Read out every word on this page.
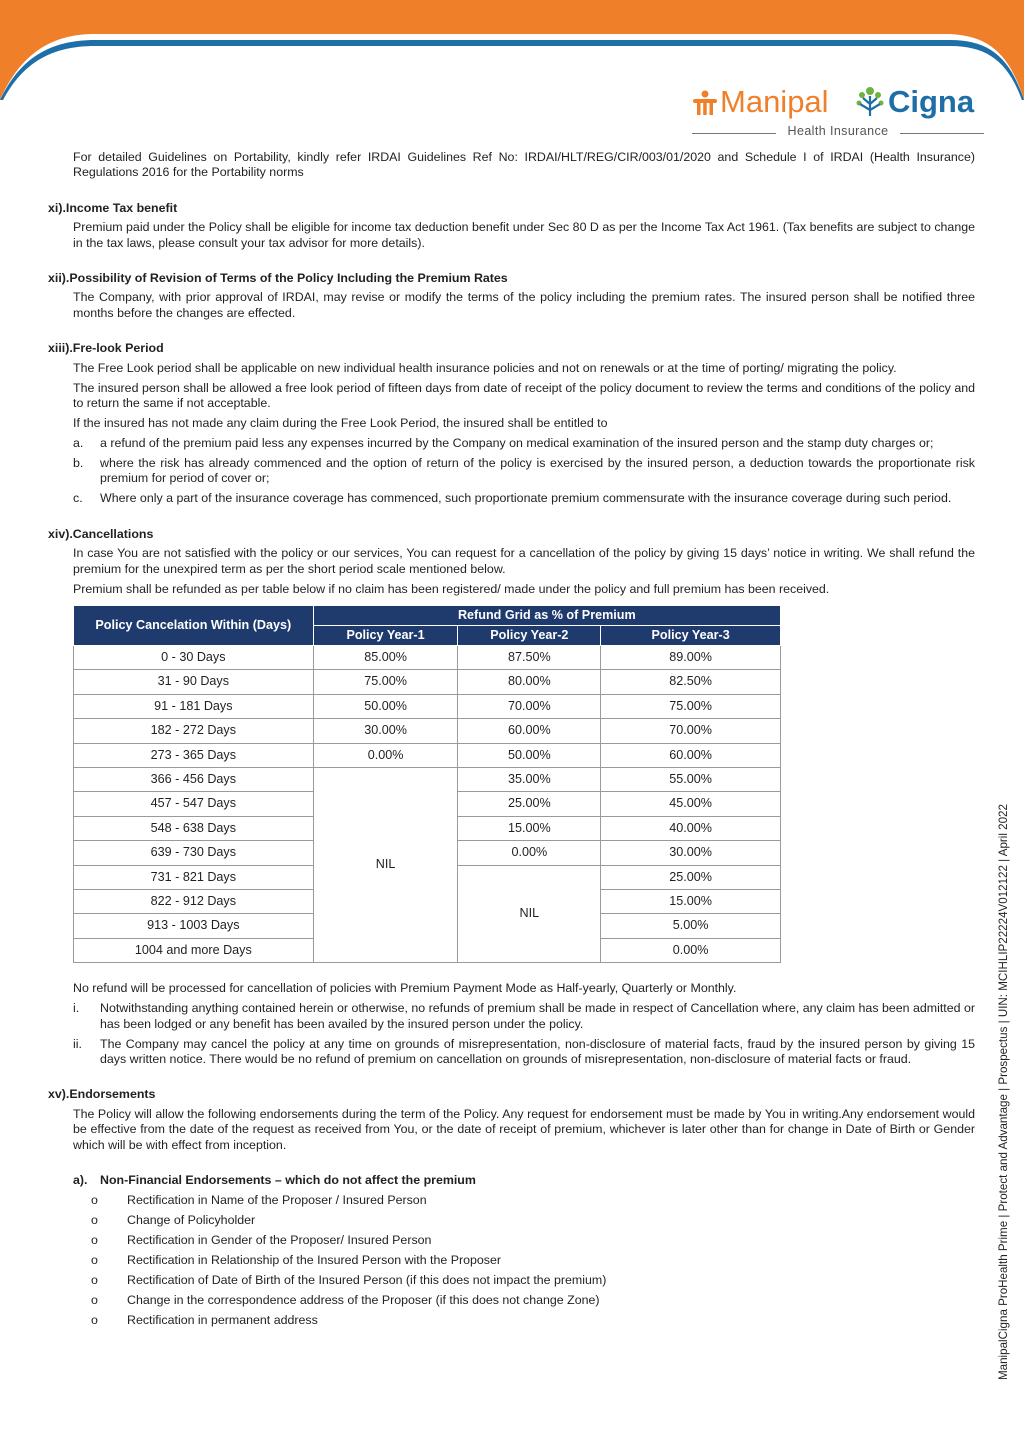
Manipal Cigna
Health Insurance

For detailed Guidelines on Portability, kindly refer IRDAI Guidelines Ref No: IRDAI/HLT/REG/CIR/003/01/2020 and Schedule I of IRDAI (Health Insurance) Regulations 2016 for the Portability norms

xi). Income Tax benefit

Premium paid under the Policy shall be eligible for income tax deduction benefit under Sec 80 D as per the Income Tax Act 1961. (Tax benefits are subject to change in the tax laws, please consult your tax advisor for more details).

xii). Possibility of Revision of Terms of the Policy Including the Premium Rates

The Company, with prior approval of IRDAI, may revise or modify the terms of the policy including the premium rates. The insured person shall be notified three months before the changes are effected.

xiii). Fre-look Period

The Free Look period shall be applicable on new individual health insurance policies and not on renewals or at the time of porting/ migrating the policy.

The insured person shall be allowed a free look period of fifteen days from date of receipt of the policy document to review the terms and conditions of the policy and to return the same if not acceptable.

If the insured has not made any claim during the Free Look Period, the insured shall be entitled to

a.	a refund of the premium paid less any expenses incurred by the Company on medical examination of the insured person and the stamp duty charges or;
b.	where the risk has already commenced and the option of return of the policy is exercised by the insured person, a deduction towards the proportionate risk premium for period of cover or;
c.	Where only a part of the insurance coverage has commenced, such proportionate premium commensurate with the insurance coverage during such period.
xiv). Cancellations

In case You are not satisfied with the policy or our services, You can request for a cancellation of the policy by giving 15 days’ notice in writing. We shall refund the premium for the unexpired term as per the short period scale mentioned below.

Premium shall be refunded as per table below if no claim has been registered/ made under the policy and full premium has been received.

Policy Cancelation Within (Days)	Refund Grid as % of Premium		
	Policy Year-1	Policy Year-2	Policy Year-3
0 - 30 Days	85.00%	87.50%	89.00%
31 - 90 Days	75.00%	80.00%	82.50%
91 - 181 Days	50.00%	70.00%	75.00%
182 - 272 Days	30.00%	60.00%	70.00%
273 - 365 Days	0.00%	50.00%	60.00%
366 - 456 Days	NIL	35.00%	55.00%
457 - 547 Days		25.00%	45.00%
548 - 638 Days		15.00%	40.00%
639 - 730 Days		0.00%	30.00%
731 - 821 Days		NIL	25.00%
822 - 912 Days			15.00%
913 - 1003 Days			5.00%
1004 and more Days			0.00%

No refund will be processed for cancellation of policies with Premium Payment Mode as Half-yearly, Quarterly or Monthly.

i.	Notwithstanding anything contained herein or otherwise, no refunds of premium shall be made in respect of Cancellation where, any claim has been admitted or has been lodged or any benefit has been availed by the insured person under the policy.
ii.	The Company may cancel the policy at any time on grounds of misrepresentation, non-disclosure of material facts, fraud by the insured person by giving 15 days written notice. There would be no refund of premium on cancellation on grounds of misrepresentation, non-disclosure of material facts or fraud.
xv). Endorsements

The Policy will allow the following endorsements during the term of the Policy. Any request for endorsement must be made by You in writing.Any endorsement would be effective from the date of the request as received from You, or the date of receipt of premium, whichever is later other than for change in Date of Birth or Gender which will be with effect from inception.

a).	Non-Financial Endorsements – which do not affect the premium
o	Rectification in Name of the Proposer / Insured Person
o	Change of Policyholder
o	Rectification in Gender of the Proposer/ Insured Person
o	Rectification in Relationship of the Insured Person with the Proposer
o	Rectification of Date of Birth of the Insured Person (if this does not impact the premium)
o	Change in the correspondence address of the Proposer (if this does not change Zone)
o	Rectification in permanent address	ManipalCigna ProHealth Prime | Protect and Advantage | Prospectus | UIN: MCIHLIP22224V012122 | April 2022
